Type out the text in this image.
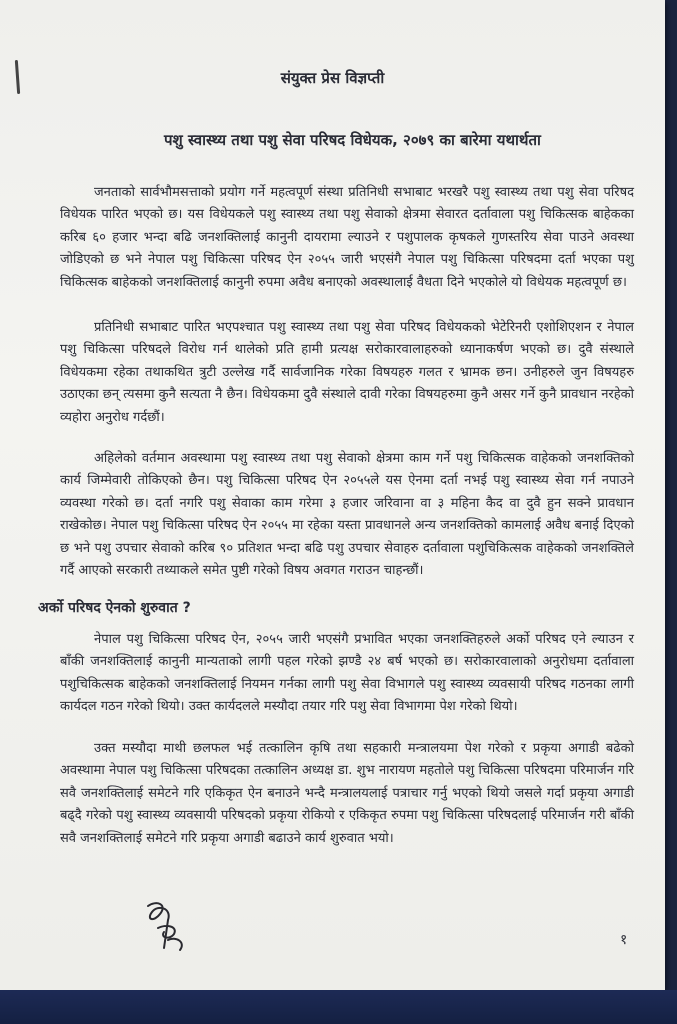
संयुक्त प्रेस विज्ञप्ती
पशु स्वास्थ्य तथा पशु सेवा परिषद विधेयक, २०७९ का बारेमा यथार्थता

जनताको सार्वभौमसत्ताको प्रयोग गर्ने महत्वपूर्ण संस्था प्रतिनिधी सभाबाट भरखरै पशु स्वास्थ्य तथा पशु सेवा परिषद विधेयक पारित भएको छ। यस विधेयकले पशु स्वास्थ्य तथा पशु सेवाको क्षेत्रमा सेवारत दर्तावाला पशु चिकित्सक बाहेकका करिब ६० हजार भन्दा बढि जनशक्तिलाई कानुनी दायरामा ल्याउने र पशुपालक कृषकले गुणस्तरिय सेवा पाउने अवस्था जोडिएको छ भने नेपाल पशु चिकित्सा परिषद ऐन २०५५ जारी भएसंगै नेपाल पशु चिकित्सा परिषदमा दर्ता भएका पशु चिकित्सक बाहेकको जनशक्तिलाई कानुनी रुपमा अवैध बनाएको अवस्थालाई वैधता दिने भएकोले यो विधेयक महत्वपूर्ण छ।

प्रतिनिधी सभाबाट पारित भएपश्चात पशु स्वास्थ्य तथा पशु सेवा परिषद विधेयकको भेटेरिनरी एशोशिएशन र नेपाल पशु चिकित्सा परिषदले विरोध गर्न थालेको प्रति हामी प्रत्यक्ष सरोकारवालाहरुको ध्यानाकर्षण भएको छ। दुवै संस्थाले विधेयकमा रहेका तथाकथित त्रुटी उल्लेख गर्दै सार्वजानिक गरेका विषयहरु गलत र भ्रामक छन। उनीहरुले जुन विषयहरु उठाएका छन् त्यसमा कुनै सत्यता नै छैन। विधेयकमा दुवै संस्थाले दावी गरेका विषयहरुमा कुनै असर गर्ने कुनै प्रावधान नरहेको व्यहोरा अनुरोध गर्दछौं।

अहिलेको वर्तमान अवस्थामा पशु स्वास्थ्य तथा पशु सेवाको क्षेत्रमा काम गर्ने पशु चिकित्सक वाहेकको जनशक्तिको कार्य जिम्मेवारी तोकिएको छैन। पशु चिकित्सा परिषद ऐन २०५५ले यस ऐनमा दर्ता नभई पशु स्वास्थ्य सेवा गर्न नपाउने व्यवस्था गरेको छ। दर्ता नगरि पशु सेवाका काम गरेमा ३ हजार जरिवाना वा ३ महिना कैद वा दुवै हुन सक्ने प्रावधान राखेकोछ। नेपाल पशु चिकित्सा परिषद ऐन २०५५ मा रहेका यस्ता प्रावधानले अन्य जनशक्तिको कामलाई अवैध बनाई दिएको छ भने पशु उपचार सेवाको करिब ९० प्रतिशत भन्दा बढि पशु उपचार सेवाहरु दर्तावाला पशुचिकित्सक वाहेकको जनशक्तिले गर्दै आएको सरकारी तथ्याकले समेत पुष्टी गरेको विषय अवगत गराउन चाहन्छौं।

अर्को परिषद ऐनको शुरुवात ?

नेपाल पशु चिकित्सा परिषद ऐन, २०५५ जारी भएसंगै प्रभावित भएका जनशक्तिहरुले अर्को परिषद एने ल्याउन र बाँकी जनशक्तिलाई कानुनी मान्यताको लागी पहल गरेको झण्डै २४ बर्ष भएको छ। सरोकारवालाको अनुरोधमा दर्तावाला पशुचिकित्सक बाहेकको जनशक्तिलाई नियमन गर्नका लागी पशु सेवा विभागले पशु स्वास्थ्य व्यवसायी परिषद गठनका लागी कार्यदल गठन गरेको थियो। उक्त कार्यदलले मस्यौदा तयार गरि पशु सेवा विभागमा पेश गरेको थियो।

उक्त मस्यौदा माथी छलफल भई तत्कालिन कृषि तथा सहकारी मन्त्रालयमा पेश गरेको र प्रकृया अगाडी बढेको अवस्थामा नेपाल पशु चिकित्सा परिषदका तत्कालिन अध्यक्ष डा. शुभ नारायण महतोले पशु चिकित्सा परिषदमा परिमार्जन गरि सवै जनशक्तिलाई समेटने गरि एकिकृत ऐन बनाउने भन्दै मन्त्रालयलाई पत्राचार गर्नु भएको थियो जसले गर्दा प्रकृया अगाडी बढ्दै गरेको पशु स्वास्थ्य व्यवसायी परिषदको प्रकृया रोकियो र एकिकृत रुपमा पशु चिकित्सा परिषदलाई परिमार्जन गरी बाँकी सवै जनशक्तिलाई समेटने गरि प्रकृया अगाडी बढाउने कार्य शुरुवात भयो।

१
